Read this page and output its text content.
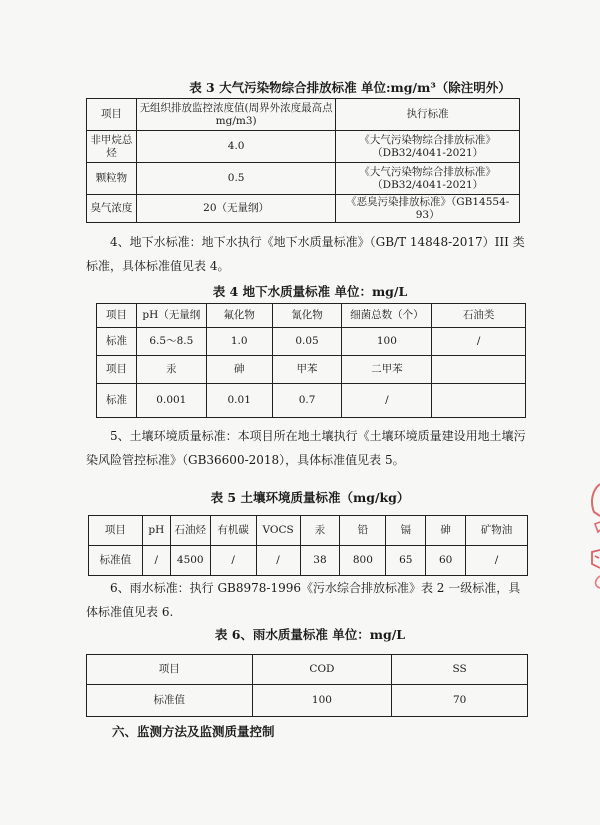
表 3 大气污染物综合排放标准 单位:mg/m³（除注明外）
项目	无组织排放监控浓度值(周界外浓度最高点 mg/m3)	执行标准
非甲烷总烃	4.0	《大气污染物综合排放标准》（DB32/4041-2021）
颗粒物	0.5	《大气污染物综合排放标准》（DB32/4041-2021）
臭气浓度	20（无量纲）	《恶臭污染排放标准》（GB14554-93）
4、地下水标准：地下水执行《地下水质量标准》（GB/T 14848-2017）III 类标准，具体标准值见表 4。
表 4 地下水质量标准 单位：mg/L
项目	pH（无量纲	氟化物	氰化物	细菌总数（个）	石油类
标准	6.5～8.5	1.0	0.05	100	/
项目	汞	砷	甲苯	二甲苯	
标准	0.001	0.01	0.7	/	
5、土壤环境质量标准：本项目所在地土壤执行《土壤环境质量建设用地土壤污染风险管控标准》（GB36600-2018），具体标准值见表 5。
表 5 土壤环境质量标准（mg/kg）
项目	pH	石油烃	有机碳	VOCS	汞	铅	镉	砷	矿物油
标准值	/	4500	/	/	38	800	65	60	/
6、雨水标准：执行 GB8978-1996《污水综合排放标准》表 2 一级标准，具体标准值见表 6.
表 6、雨水质量标准 单位：mg/L
项目	COD	SS
标准值	100	70
六、监测方法及监测质量控制
